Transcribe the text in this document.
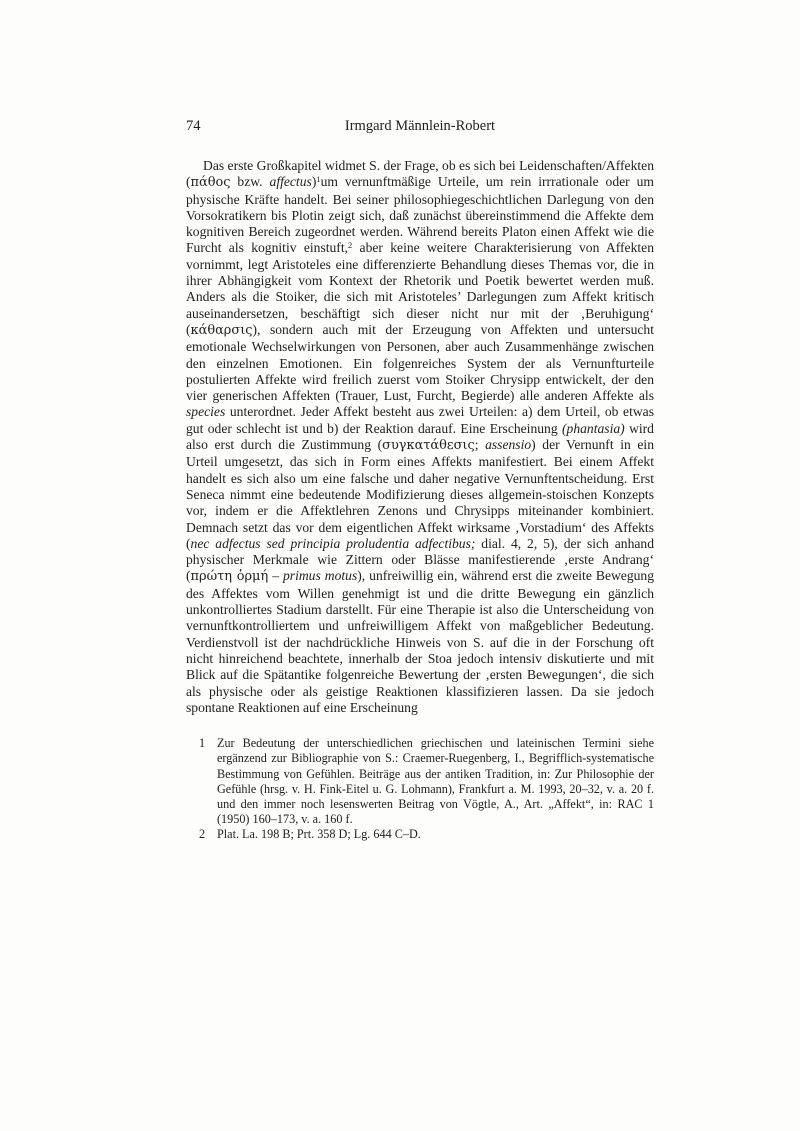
74	Irmgard Männlein-Robert

Das erste Großkapitel widmet S. der Frage, ob es sich bei Leidenschaften/Affekten (πάθος bzw. affectus)$^1$um vernunftmäßige Urteile, um rein irrrationale oder um physische Kräfte handelt. Bei seiner philosophiegeschichtlichen Darlegung von den Vorsokratikern bis Plotin zeigt sich, daß zunächst übereinstimmend die Affekte dem kognitiven Bereich zugeordnet werden. Während bereits Platon einen Affekt wie die Furcht als kognitiv einstuft,$^2$ aber keine weitere Charakterisierung von Affekten vornimmt, legt Aristoteles eine differenzierte Behandlung dieses Themas vor, die in ihrer Abhängigkeit vom Kontext der Rhetorik und Poetik bewertet werden muß. Anders als die Stoiker, die sich mit Aristoteles’ Darlegungen zum Affekt kritisch auseinandersetzen, beschäftigt sich dieser nicht nur mit der ‚Beruhigung‘ (κάθαρσις), sondern auch mit der Erzeugung von Affekten und untersucht emotionale Wechselwirkungen von Personen, aber auch Zusammenhänge zwischen den einzelnen Emotionen. Ein folgenreiches System der als Vernunfturteile postulierten Affekte wird freilich zuerst vom Stoiker Chrysipp entwickelt, der den vier generischen Affekten (Trauer, Lust, Furcht, Begierde) alle anderen Affekte als species unterordnet. Jeder Affekt besteht aus zwei Urteilen: a) dem Urteil, ob etwas gut oder schlecht ist und b) der Reaktion darauf. Eine Erscheinung (phantasia) wird also erst durch die Zustimmung (συγκατάθεσις; assensio) der Vernunft in ein Urteil umgesetzt, das sich in Form eines Affekts manifestiert. Bei einem Affekt handelt es sich also um eine falsche und daher negative Vernunftentscheidung. Erst Seneca nimmt eine bedeutende Modifizierung dieses allgemein-stoischen Konzepts vor, indem er die Affektlehren Zenons und Chrysipps miteinander kombiniert. Demnach setzt das vor dem eigentlichen Affekt wirksame ‚Vorstadium‘ des Affekts (nec adfectus sed principia proludentia adfectibus; dial. 4, 2, 5), der sich anhand physischer Merkmale wie Zittern oder Blässe manifestierende ‚erste Andrang‘ (πρώτη ὁρμή – primus motus), unfreiwillig ein, während erst die zweite Bewegung des Affektes vom Willen genehmigt ist und die dritte Bewegung ein gänzlich unkontrolliertes Stadium darstellt. Für eine Therapie ist also die Unterscheidung von vernunftkontrolliertem und unfreiwilligem Affekt von maßgeblicher Bedeutung. Verdienstvoll ist der nachdrückliche Hinweis von S. auf die in der Forschung oft nicht hinreichend beachtete, innerhalb der Stoa jedoch intensiv diskutierte und mit Blick auf die Spätantike folgenreiche Bewertung der ‚ersten Bewegungen‘, die sich als physische oder als geistige Reaktionen klassifizieren lassen. Da sie jedoch spontane Reaktionen auf eine Erscheinung

1 Zur Bedeutung der unterschiedlichen griechischen und lateinischen Termini siehe ergänzend zur Bibliographie von S.: Craemer-Ruegenberg, I., Begrifflich-systematische Bestimmung von Gefühlen. Beiträge aus der antiken Tradition, in: Zur Philosophie der Gefühle (hrsg. v. H. Fink-Eitel u. G. Lohmann), Frankfurt a. M. 1993, 20–32, v. a. 20 f. und den immer noch lesenswerten Beitrag von Vögtle, A., Art. „Affekt“, in: RAC 1 (1950) 160–173, v. a. 160 f.

2 Plat. La. 198 B; Prt. 358 D; Lg. 644 C–D.
